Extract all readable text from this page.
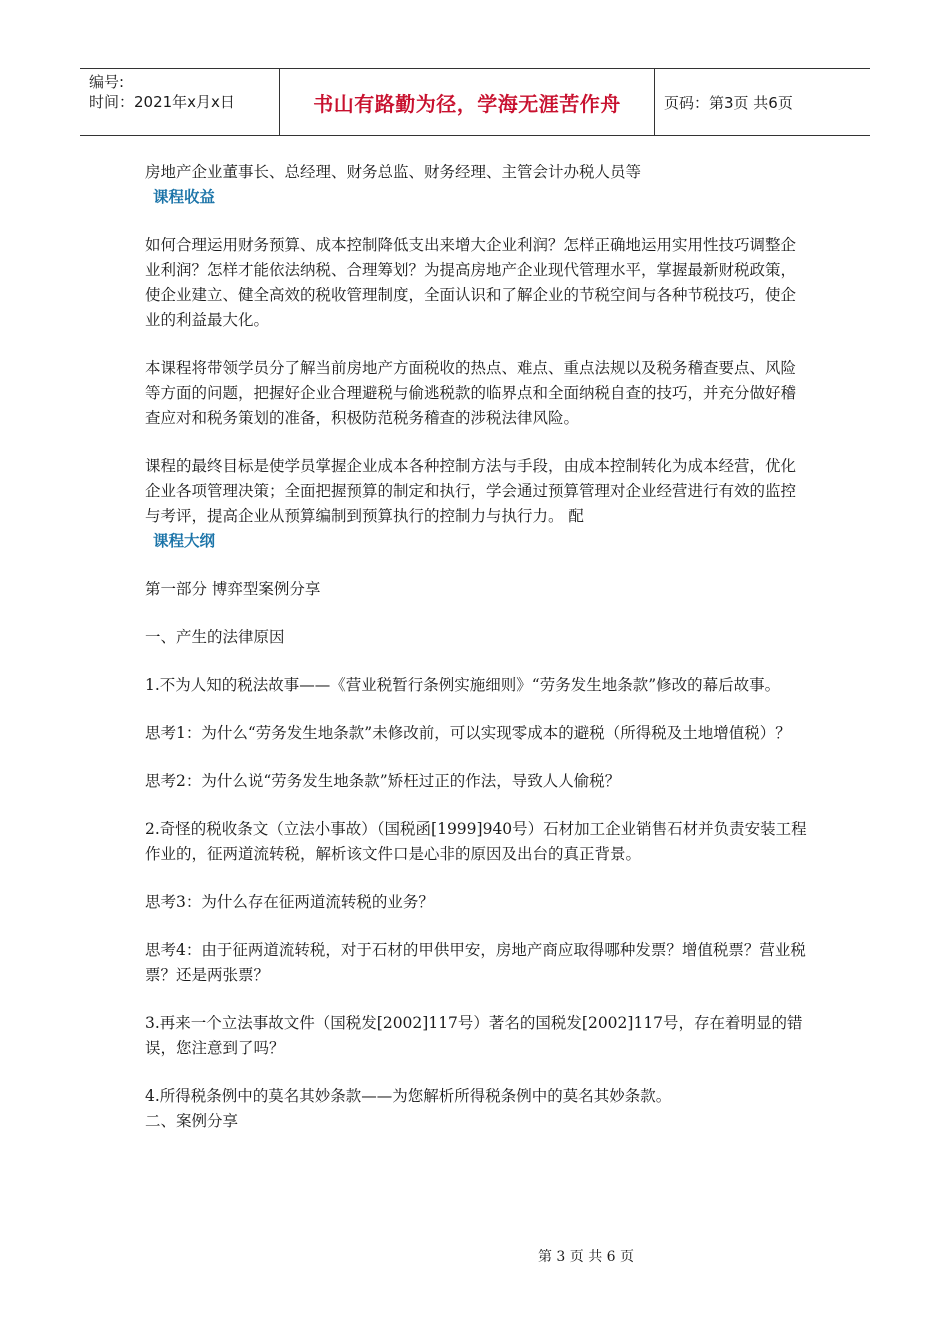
编号:
时间：2021年x月x日	书山有路勤为径，学海无涯苦作舟	页码：第3页 共6页

房地产企业董事长、总经理、财务总监、财务经理、主管会计办税人员等

课程收益

如何合理运用财务预算、成本控制降低支出来增大企业利润？怎样正确地运用实用性技巧调整企业利润？怎样才能依法纳税、合理筹划？为提高房地产企业现代管理水平，掌握最新财税政策，使企业建立、健全高效的税收管理制度，全面认识和了解企业的节税空间与各种节税技巧，使企业的利益最大化。

本课程将带领学员分了解当前房地产方面税收的热点、难点、重点法规以及税务稽查要点、风险等方面的问题，把握好企业合理避税与偷逃税款的临界点和全面纳税自查的技巧，并充分做好稽查应对和税务策划的准备，积极防范税务稽查的涉税法律风险。

课程的最终目标是使学员掌握企业成本各种控制方法与手段，由成本控制转化为成本经营，优化企业各项管理决策；全面把握预算的制定和执行，学会通过预算管理对企业经营进行有效的监控与考评，提高企业从预算编制到预算执行的控制力与执行力。 配

课程大纲

第一部分 博弈型案例分享

一、产生的法律原因

1.不为人知的税法故事——《营业税暂行条例实施细则》“劳务发生地条款”修改的幕后故事。

思考1：为什么“劳务发生地条款”未修改前，可以实现零成本的避税（所得税及土地增值税）？

思考2：为什么说“劳务发生地条款”矫枉过正的作法，导致人人偷税？

2.奇怪的税收条文（立法小事故）（国税函[1999]940号）石材加工企业销售石材并负责安装工程作业的，征两道流转税，解析该文件口是心非的原因及出台的真正背景。

思考3：为什么存在征两道流转税的业务？

思考4：由于征两道流转税，对于石材的甲供甲安，房地产商应取得哪种发票？增值税票？营业税票？还是两张票？

3.再来一个立法事故文件（国税发[2002]117号）著名的国税发[2002]117号，存在着明显的错误，您注意到了吗？

4.所得税条例中的莫名其妙条款——为您解析所得税条例中的莫名其妙条款。

二、案例分享

第 3 页 共 6 页
